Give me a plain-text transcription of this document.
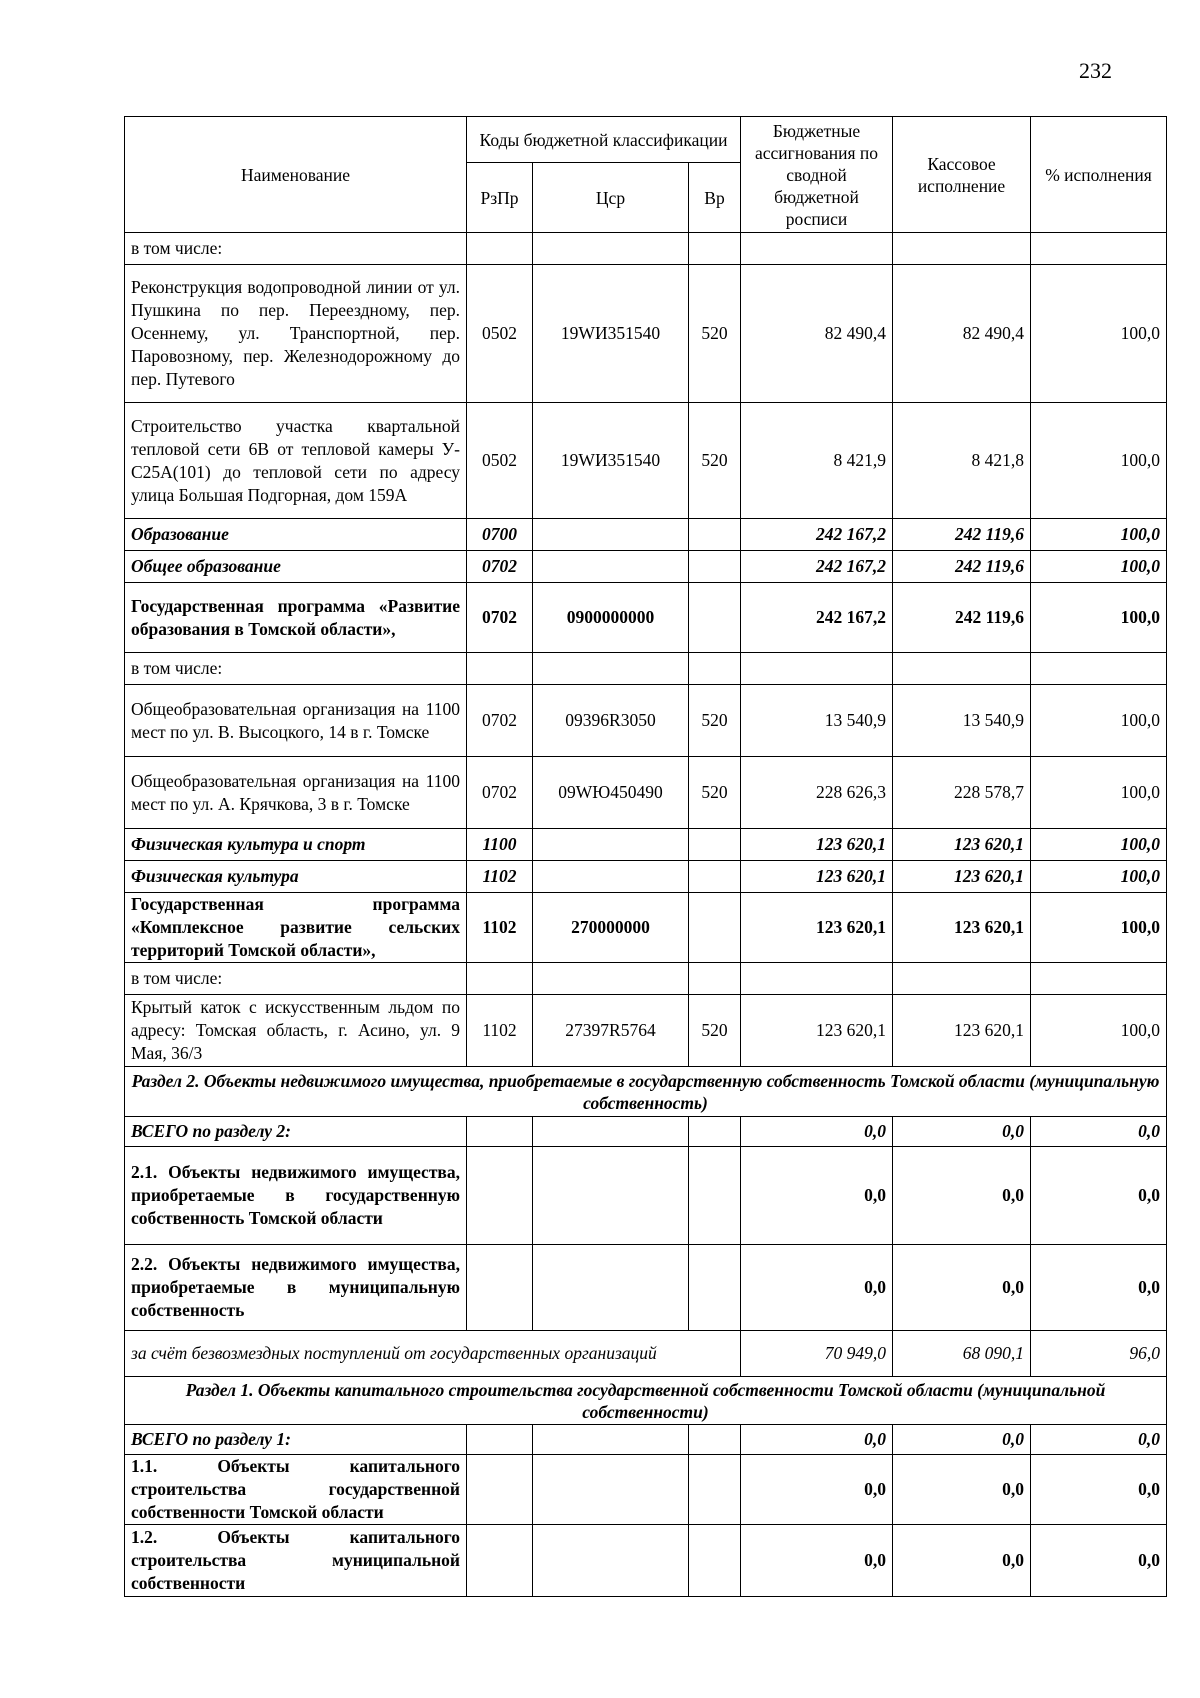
232
Наименование	Коды бюджетной классификации			Бюджетные ассигнования по сводной бюджетной росписи	Кассовое исполнение	% исполнения
	РзПр	Цср	Вр			
в том числе:						
Реконструкция водопроводной линии от ул. Пушкина по пер. Переездному, пер. Осеннему, ул. Транспортной, пер. Паровозному, пер. Железнодорожному до пер. Путевого	0502	19WИ351540	520	82 490,4	82 490,4	100,0
Строительство участка квартальной тепловой сети 6В от тепловой камеры У-С25А(101) до тепловой сети по адресу улица Большая Подгорная, дом 159А	0502	19WИ351540	520	8 421,9	8 421,8	100,0
Образование	0700			242 167,2	242 119,6	100,0
Общее образование	0702			242 167,2	242 119,6	100,0
Государственная программа «Развитие образования в Томской области»,	0702	0900000000		242 167,2	242 119,6	100,0
в том числе:						
Общеобразовательная организация на 1100 мест по ул. В. Высоцкого, 14 в г. Томске	0702	09396R3050	520	13 540,9	13 540,9	100,0
Общеобразовательная организация на 1100 мест по ул. А. Крячкова, 3 в г. Томске	0702	09WЮ450490	520	228 626,3	228 578,7	100,0
Физическая культура и спорт	1100			123 620,1	123 620,1	100,0
Физическая культура	1102			123 620,1	123 620,1	100,0
Государственная программа «Комплексное развитие сельских территорий Томской области»,	1102	270000000		123 620,1	123 620,1	100,0
в том числе:						
Крытый каток с искусственным льдом по адресу: Томская область, г. Асино, ул. 9 Мая, 36/3	1102	27397R5764	520	123 620,1	123 620,1	100,0
Раздел 2. Объекты недвижимого имущества, приобретаемые в государственную собственность Томской области (муниципальную собственность)						
ВСЕГО по разделу 2:				0,0	0,0	0,0
2.1. Объекты недвижимого имущества, приобретаемые в государственную собственность Томской области				0,0	0,0	0,0
2.2. Объекты недвижимого имущества, приобретаемые в муниципальную собственность				0,0	0,0	0,0
за счёт безвозмездных поступлений от государственных организаций				70 949,0	68 090,1	96,0
Раздел 1. Объекты капитального строительства государственной собственности Томской области (муниципальной собственности)						
ВСЕГО по разделу 1:				0,0	0,0	0,0
1.1. Объекты капитального строительства государственной собственности Томской области				0,0	0,0	0,0
1.2. Объекты капитального строительства муниципальной собственности				0,0	0,0	0,0
